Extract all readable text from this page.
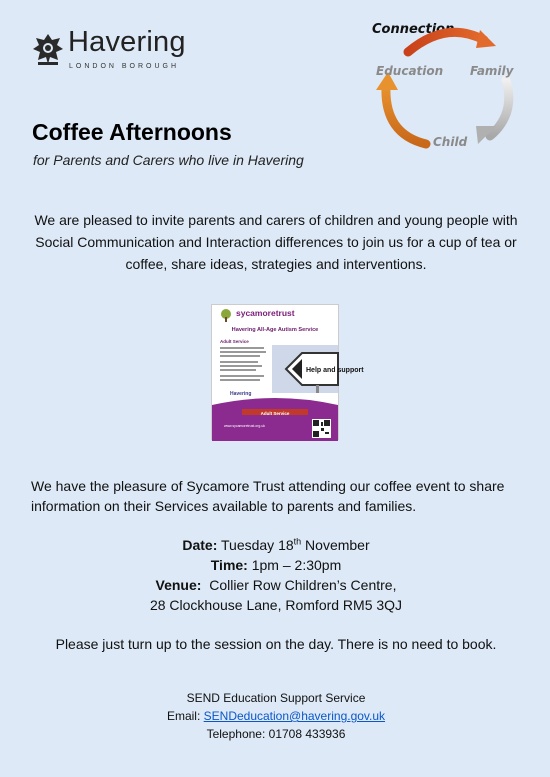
Havering
LONDON BOROUGH	Education Family
Connection
Child
Coffee Afternoons
for Parents and Carers who live in Havering
We are pleased to invite parents and carers of children and young people with Social Communication and Interaction differences to join us for a cup of tea or coffee, share ideas, strategies and interventions.
sycamoretrust
Havering All-Age Autism Service
Adult Service
Help and support
Havering
Adult Service
www.sycamoretrust.org.uk
We have the pleasure of Sycamore Trust attending our coffee event to share information on their Services available to parents and families.
Date: Tuesday 18th November
Time: 1pm – 2:30pm
Venue: Collier Row Children’s Centre,
28 Clockhouse Lane, Romford RM5 3QJ
Please just turn up to the session on the day. There is no need to book.
SEND Education Support Service
Email: SENDeducation@havering.gov.uk
Telephone: 01708 433936
